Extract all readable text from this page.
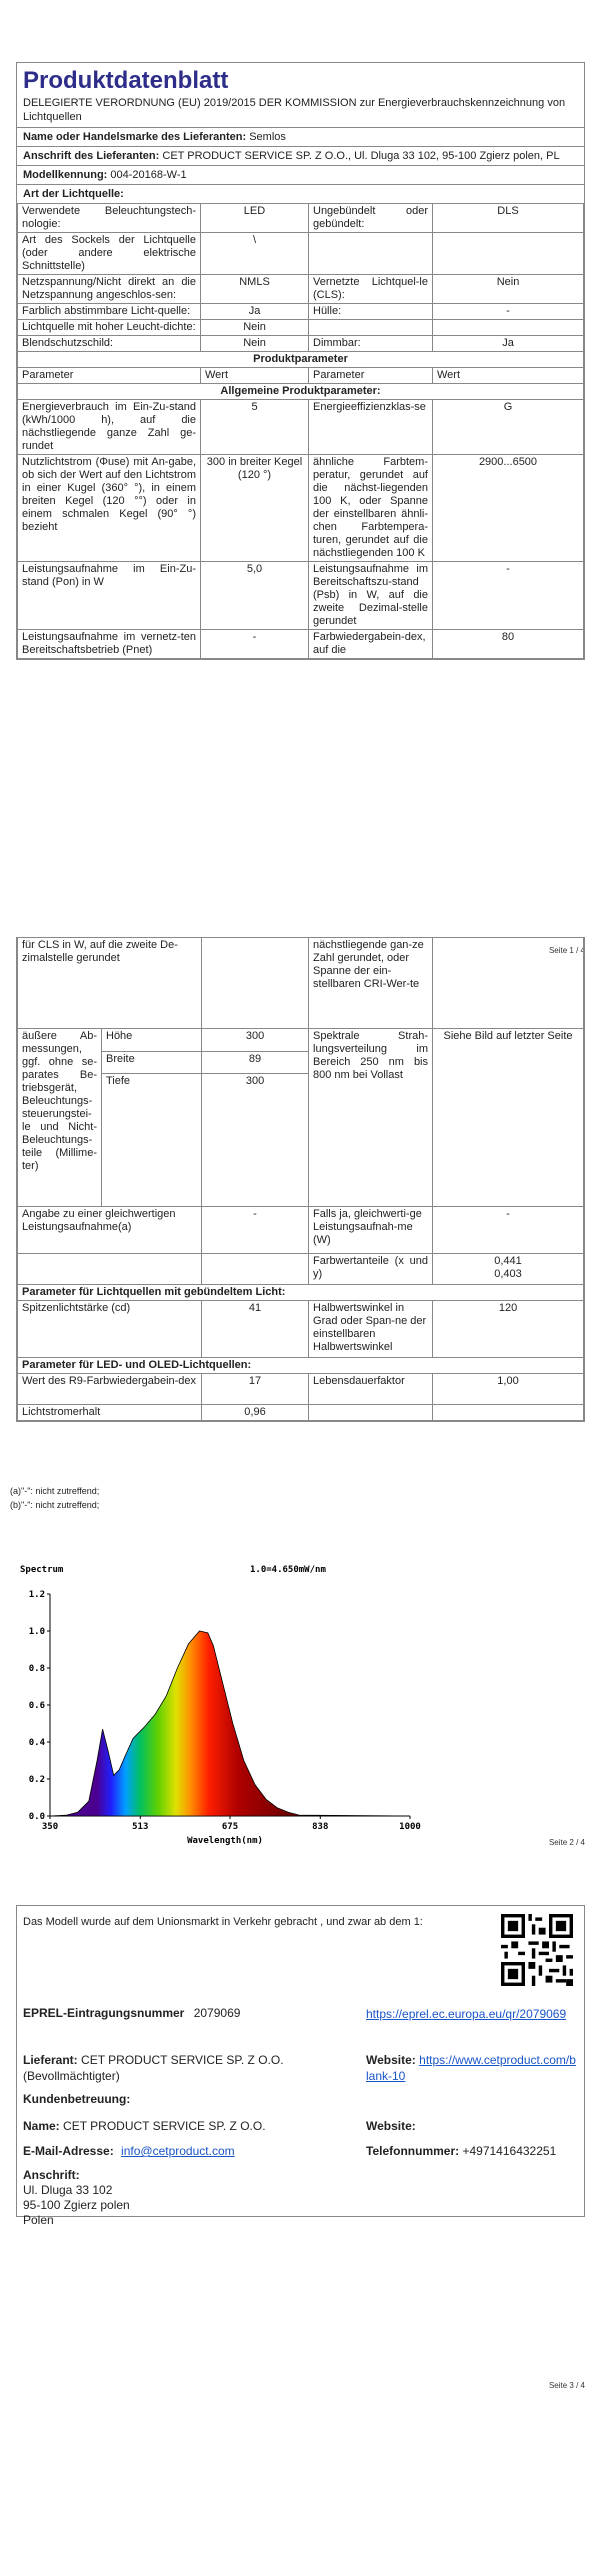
Produktdatenblatt
DELEGIERTE VERORDNUNG (EU) 2019/2015 DER KOMMISSION zur Energieverbrauchskennzeichnung von Lichtquellen
Name oder Handelsmarke des Lieferanten: Semlos
Anschrift des Lieferanten: CET PRODUCT SERVICE SP. Z O.O., Ul. Dluga 33 102, 95-100 Zgierz polen, PL
Modellkennung: 004-20168-W-1
Art der Lichtquelle:
Verwendete Beleuchtungstech-nologie:	LED	Ungebündelt oder gebündelt:	DLS
Art des Sockels der Lichtquelle (oder andere elektrische Schnittstelle)	\		
Netzspannung/Nicht direkt an die Netzspannung angeschlos-sen:	NMLS	Vernetzte Lichtquel-le (CLS):	Nein
Farblich abstimmbare Licht-quelle:	Ja	Hülle:	-
Lichtquelle mit hoher Leucht-dichte:	Nein		
Blendschutzschild:	Nein	Dimmbar:	Ja
Produktparameter			
Parameter	Wert	Parameter	Wert
Allgemeine Produktparameter:			
Energieverbrauch im Ein-Zu-stand (kWh/1000 h), auf die nächstliegende ganze Zahl ge-rundet	5	Energieeffizienzklas-se	G
Nutzlichtstrom (Φuse) mit An-gabe, ob sich der Wert auf den Lichtstrom in einer Kugel (360° °), in einem breiten Kegel (120 °°) oder in einem schmalen Kegel (90° °) bezieht	300 in breiter Kegel (120 °)	ähnliche Farbtem-peratur, gerundet auf die nächst-liegenden 100 K, oder Spanne der einstellbaren ähnli-chen Farbtempera-turen, gerundet auf die nächstliegenden 100 K	2900...6500
Leistungsaufnahme im Ein-Zu-stand (Pon) in W	5,0	Leistungsaufnahme im Bereitschaftszu-stand (Psb) in W, auf die zweite Dezimal-stelle gerundet	-
Leistungsaufnahme im vernetz-ten Bereitschaftsbetrieb (Pnet)	-	Farbwiedergabein-dex, auf die	80
Seite 1 / 4
für CLS in W, auf die zweite De-zimalstelle gerundet			nächstliegende gan-ze Zahl gerundet, oder Spanne der ein-stellbaren CRI-Wer-te	
äußere Ab-messungen, ggf. ohne se-parates Be-triebsgerät, Beleuchtungs-steuerungstei-le und Nicht-Beleuchtungs-teile (Millime-ter)	Höhe	300	Spektrale Strah-lungsverteilung im Bereich 250 nm bis 800 nm bei Vollast	Siehe Bild auf letzter Seite
	Breite	89		
	Tiefe	300		
Angabe zu einer gleichwertigen Leistungsaufnahme(a)		-	Falls ja, gleichwerti-ge Leistungsaufnah-me (W)	-
			Farbwertanteile (x und y)	0,441
0,403

Parameter für Lichtquellen mit gebündeltem Licht:				
Spitzenlichtstärke (cd)		41	Halbwertswinkel in Grad oder Span-ne der einstellbaren Halbwertswinkel	120
Parameter für LED- und OLED-Lichtquellen:				
Wert des R9-Farbwiedergabein-dex		17	Lebensdauerfaktor	1,00
Lichtstromerhalt		0,96		
(a)"-": nicht zutreffend;
(b)"-": nicht zutreffend;
Spectrum	1.0=4.650mW/nm
0.0
0.2
0.4
0.6
0.8
1.0
1.2
350	513	675	838	1000
Wavelength(nm)	Seite 2 / 4
Das Modell wurde auf dem Unionsmarkt in Verkehr gebracht , und zwar ab dem 1:
EPREL-Eintragungsnummer 2079069	https://eprel.ec.europa.eu/qr/2079069
Lieferant: CET PRODUCT SERVICE SP. Z O.O. (Bevollmächtigter)
Website: https://www.cetproduct.com/blank-10
Kundenbetreuung:
Name: CET PRODUCT SERVICE SP. Z O.O.	Website:
E-Mail-Adresse: info@cetproduct.com	Telefonnummer: +4971416432251
Anschrift:
Ul. Dluga 33 102
95-100 Zgierz polen
Polen
Seite 3 / 4
